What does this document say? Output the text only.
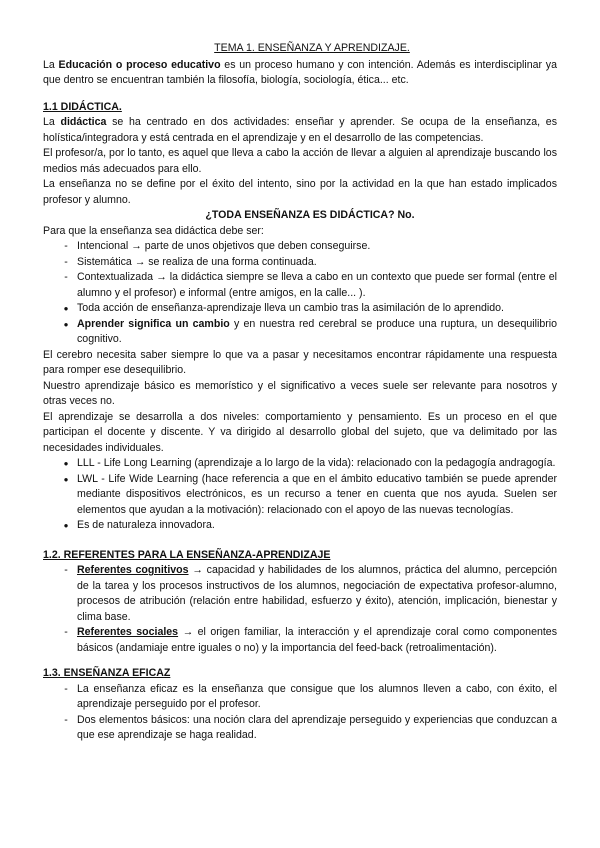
TEMA 1. ENSEÑANZA Y APRENDIZAJE.

La Educación o proceso educativo es un proceso humano y con intención. Además es interdisciplinar ya que dentro se encuentran también la filosofía, biología, sociología, ética... etc.

1.1 DIDÁCTICA.

La didáctica se ha centrado en dos actividades: enseñar y aprender. Se ocupa de la enseñanza, es holística/integradora y está centrada en el aprendizaje y en el desarrollo de las competencias.

El profesor/a, por lo tanto, es aquel que lleva a cabo la acción de llevar a alguien al aprendizaje buscando los medios más adecuados para ello.

La enseñanza no se define por el éxito del intento, sino por la actividad en la que han estado implicados profesor y alumno.

¿TODA ENSEÑANZA ES DIDÁCTICA? No.

Para que la enseñanza sea didáctica debe ser:

- Intencional → parte de unos objetivos que deben conseguirse.
- Sistemática → se realiza de una forma continuada.
- Contextualizada → la didáctica siempre se lleva a cabo en un contexto que puede ser formal (entre el alumno y el profesor) e informal (entre amigos, en la calle... ).
● Toda acción de enseñanza-aprendizaje lleva un cambio tras la asimilación de lo aprendido.
● Aprender significa un cambio y en nuestra red cerebral se produce una ruptura, un desequilibrio cognitivo.

El cerebro necesita saber siempre lo que va a pasar y necesitamos encontrar rápidamente una respuesta para romper ese desequilibrio.

Nuestro aprendizaje básico es memorístico y el significativo a veces suele ser relevante para nosotros y otras veces no.

El aprendizaje se desarrolla a dos niveles: comportamiento y pensamiento. Es un proceso en el que participan el docente y discente. Y va dirigido al desarrollo global del sujeto, que va delimitado por las necesidades individuales.

● LLL - Life Long Learning (aprendizaje a lo largo de la vida): relacionado con la pedagogía andragogía.
● LWL - Life Wide Learning (hace referencia a que en el ámbito educativo también se puede aprender mediante dispositivos electrónicos, es un recurso a tener en cuenta que nos ayuda. Suelen ser elementos que ayudan a la motivación): relacionado con el apoyo de las nuevas tecnologías.
● Es de naturaleza innovadora.
1.2. REFERENTES PARA LA ENSEÑANZA-APRENDIZAJE
- Referentes cognitivos → capacidad y habilidades de los alumnos, práctica del alumno, percepción de la tarea y los procesos instructivos de los alumnos, negociación de expectativa profesor-alumno, procesos de atribución (relación entre habilidad, esfuerzo y éxito), atención, implicación, bienestar y clima base.
- Referentes sociales → el origen familiar, la interacción y el aprendizaje coral como componentes básicos (andamiaje entre iguales o no) y la importancia del feed-back (retroalimentación).
1.3. ENSEÑANZA EFICAZ
- La enseñanza eficaz es la enseñanza que consigue que los alumnos lleven a cabo, con éxito, el aprendizaje perseguido por el profesor.
- Dos elementos básicos: una noción clara del aprendizaje perseguido y experiencias que conduzcan a que ese aprendizaje se haga realidad.
